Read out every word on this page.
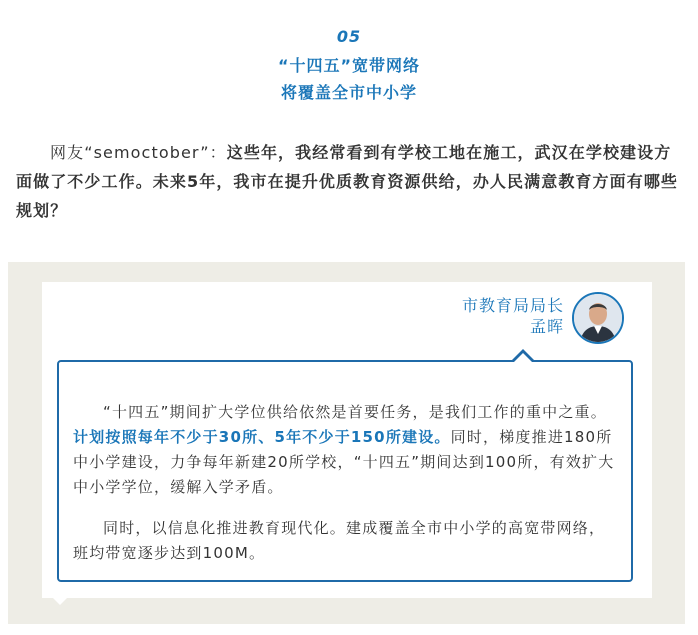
05
“十四五”宽带网络
将覆盖全市中小学
网友“semoctober”：这些年，我经常看到有学校工地在施工，武汉在学校建设方面做了不少工作。未来5年，我市在提升优质教育资源供给，办人民满意教育方面有哪些规划？
市教育局局长
孟晖

“十四五”期间扩大学位供给依然是首要任务，是我们工作的重中之重。计划按照每年不少于30所、5年不少于150所建设。同时，梯度推进180所中小学建设，力争每年新建20所学校，“十四五”期间达到100所，有效扩大中小学学位，缓解入学矛盾。

同时，以信息化推进教育现代化。建成覆盖全市中小学的高宽带网络，班均带宽逐步达到100M。
